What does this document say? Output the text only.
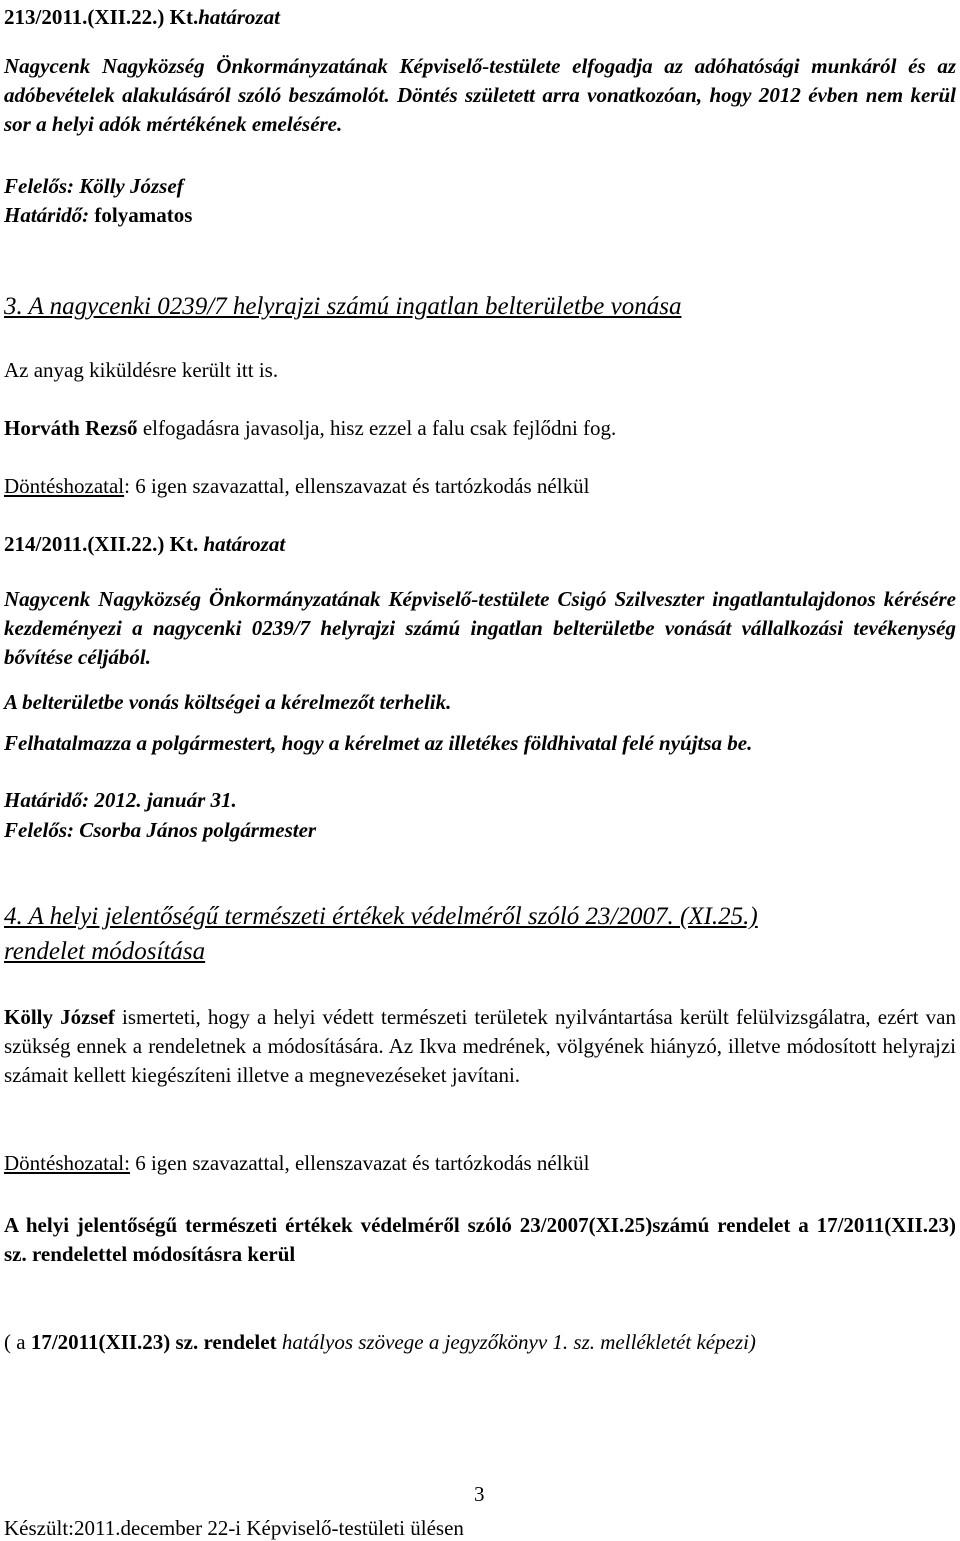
213/2011.(XII.22.) Kt.határozat
Nagycenk Nagyközség Önkormányzatának Képviselő-testülete elfogadja az adóhatósági munkáról és az adóbevételek alakulásáról szóló beszámolót. Döntés született arra vonatkozóan, hogy 2012 évben nem kerül sor a helyi adók mértékének emelésére.
Felelős: Kölly József
Határidő: folyamatos
3. A nagycenki 0239/7 helyrajzi számú ingatlan belterületbe vonása
Az anyag kiküldésre került itt is.
Horváth Rezső elfogadásra javasolja, hisz ezzel a falu csak fejlődni fog.
Döntéshozatal: 6 igen szavazattal, ellenszavazat és tartózkodás nélkül
214/2011.(XII.22.) Kt. határozat
Nagycenk Nagyközség Önkormányzatának Képviselő-testülete Csigó Szilveszter ingatlantulajdonos kérésére kezdeményezi a nagycenki 0239/7 helyrajzi számú ingatlan belterületbe vonását vállalkozási tevékenység bővítése céljából.
A belterületbe vonás költségei a kérelmezőt terhelik.
Felhatalmazza a polgármestert, hogy a kérelmet az illetékes földhivatal felé nyújtsa be.
Határidő: 2012. január 31.
Felelős: Csorba János polgármester
4. A helyi jelentőségű természeti értékek védelméről szóló 23/2007. (XI.25.)
rendelet módosítása
Kölly József ismerteti, hogy a helyi védett természeti területek nyilvántartása került felülvizsgálatra, ezért van szükség ennek a rendeletnek a módosítására. Az Ikva medrének, völgyének hiányzó, illetve módosított helyrajzi számait kellett kiegészíteni illetve a megnevezéseket javítani.
Döntéshozatal: 6 igen szavazattal, ellenszavazat és tartózkodás nélkül
A helyi jelentőségű természeti értékek védelméről szóló 23/2007(XI.25)számú rendelet a 17/2011(XII.23) sz. rendelettel módosításra kerül
( a 17/2011(XII.23) sz. rendelet hatályos szövege a jegyzőkönyv 1. sz. mellékletét képezi)
3
Készült:2011.december 22-i Képviselő-testületi ülésen
